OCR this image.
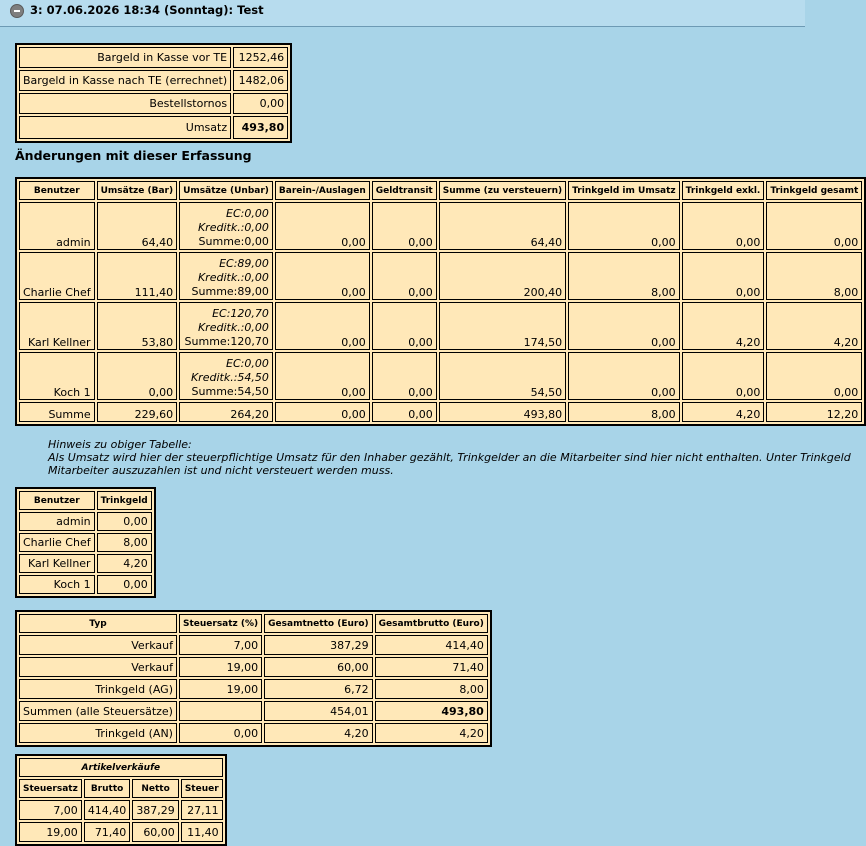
3: 07.06.2026 18:34 (Sonntag): Test
Bargeld in Kasse vor TE	1252,46
Bargeld in Kasse nach TE (errechnet)	1482,06
Bestellstornos	0,00
Umsatz	493,80
Änderungen mit dieser Erfassung
Benutzer	Umsätze (Bar)	Umsätze (Unbar)	Barein-/Auslagen	Geldtransit	Summe (zu versteuern)	Trinkgeld im Umsatz	Trinkgeld exkl.	Trinkgeld gesamt
admin	64,40	EC:0,00
Kreditk.:0,00
Summe:0,00	0,00	0,00	64,40	0,00	0,00	0,00
Charlie Chef	111,40	EC:89,00
Kreditk.:0,00
Summe:89,00	0,00	0,00	200,40	8,00	0,00	8,00
Karl Kellner	53,80	EC:120,70
Kreditk.:0,00
Summe:120,70	0,00	0,00	174,50	0,00	4,20	4,20
Koch 1	0,00	EC:0,00
Kreditk.:54,50
Summe:54,50	0,00	0,00	54,50	0,00	0,00	0,00
Summe	229,60	264,20	0,00	0,00	493,80	8,00	4,20	12,20
Hinweis zu obiger Tabelle:
Als Umsatz wird hier der steuerpflichtige Umsatz für den Inhaber gezählt, Trinkgelder an die Mitarbeiter sind hier nicht enthalten. Unter Trinkgeld
Mitarbeiter auszuzahlen ist und nicht versteuert werden muss.
Benutzer	Trinkgeld
admin	0,00
Charlie Chef	8,00
Karl Kellner	4,20
Koch 1	0,00
Typ	Steuersatz (%)	Gesamtnetto (Euro)	Gesamtbrutto (Euro)
Verkauf	7,00	387,29	414,40
Verkauf	19,00	60,00	71,40
Trinkgeld (AG)	19,00	6,72	8,00
Summen (alle Steuersätze)		454,01	493,80
Trinkgeld (AN)	0,00	4,20	4,20
Artikelverkäufe			
Steuersatz	Brutto	Netto	Steuer
7,00	414,40	387,29	27,11
19,00	71,40	60,00	11,40
